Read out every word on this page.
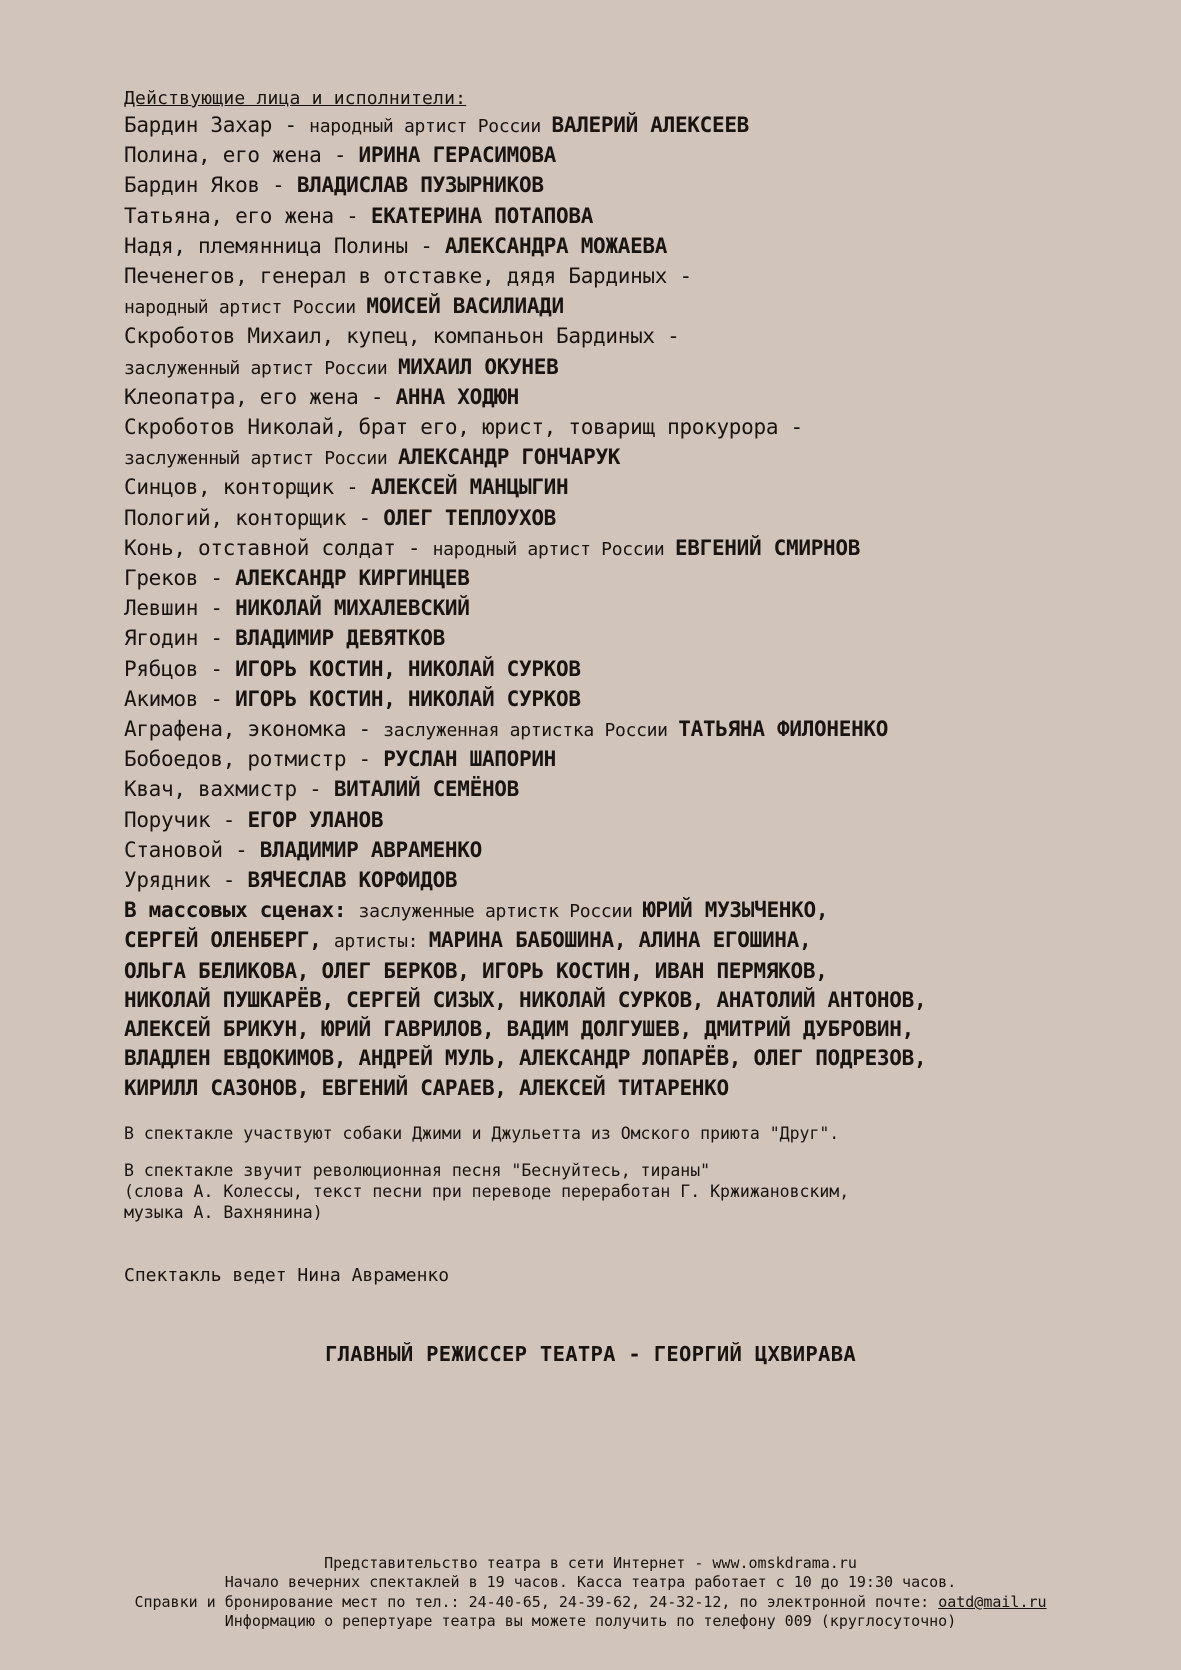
Действующие лица и исполнители:
Бардин Захар - народный артист России ВАЛЕРИЙ АЛЕКСЕЕВ
Полина, его жена - ИРИНА ГЕРАСИМОВА
Бардин Яков - ВЛАДИСЛАВ ПУЗЫРНИКОВ
Татьяна, его жена - ЕКАТЕРИНА ПОТАПОВА
Надя, племянница Полины - АЛЕКСАНДРА МОЖАЕВА
Печенегов, генерал в отставке, дядя Бардиных -
народный артист России МОИСЕЙ ВАСИЛИАДИ
Скроботов Михаил, купец, компаньон Бардиных -
заслуженный артист России МИХАИЛ ОКУНЕВ
Клеопатра, его жена - АННА ХОДЮН
Скроботов Николай, брат его, юрист, товарищ прокурора -
заслуженный артист России АЛЕКСАНДР ГОНЧАРУК
Синцов, конторщик - АЛЕКСЕЙ МАНЦЫГИН
Пологий, конторщик - ОЛЕГ ТЕПЛОУХОВ
Конь, отставной солдат - народный артист России ЕВГЕНИЙ СМИРНОВ
Греков - АЛЕКСАНДР КИРГИНЦЕВ
Левшин - НИКОЛАЙ МИХАЛЕВСКИЙ
Ягодин - ВЛАДИМИР ДЕВЯТКОВ
Рябцов - ИГОРЬ КОСТИН, НИКОЛАЙ СУРКОВ
Акимов - ИГОРЬ КОСТИН, НИКОЛАЙ СУРКОВ
Аграфена, экономка - заслуженная артистка России ТАТЬЯНА ФИЛОНЕНКО
Бобоедов, ротмистр - РУСЛАН ШАПОРИН
Квач, вахмистр - ВИТАЛИЙ СЕМЁНОВ
Поручик - ЕГОР УЛАНОВ
Становой - ВЛАДИМИР АВРАМЕНКО
Урядник - ВЯЧЕСЛАВ КОРФИДОВ
В массовых сценах: заслуженные артистк России ЮРИЙ МУЗЫЧЕНКО,
СЕРГЕЙ ОЛЕНБЕРГ, артисты: МАРИНА БАБОШИНА, АЛИНА ЕГОШИНА,
ОЛЬГА БЕЛИКОВА, ОЛЕГ БЕРКОВ, ИГОРЬ КОСТИН, ИВАН ПЕРМЯКОВ,
НИКОЛАЙ ПУШКАРЁВ, СЕРГЕЙ СИЗЫХ, НИКОЛАЙ СУРКОВ, АНАТОЛИЙ АНТОНОВ,
АЛЕКСЕЙ БРИКУН, ЮРИЙ ГАВРИЛОВ, ВАДИМ ДОЛГУШЕВ, ДМИТРИЙ ДУБРОВИН,
ВЛАДЛЕН ЕВДОКИМОВ, АНДРЕЙ МУЛЬ, АЛЕКСАНДР ЛОПАРЁВ, ОЛЕГ ПОДРЕЗОВ,
КИРИЛЛ САЗОНОВ, ЕВГЕНИЙ САРАЕВ, АЛЕКСЕЙ ТИТАРЕНКО
В спектакле участвуют собаки Джими и Джульетта из Омского приюта "Друг".
В спектакле звучит революционная песня "Беснуйтесь, тираны"
(слова А. Колессы, текст песни при переводе переработан Г. Кржижановским,
музыка А. Вахнянина)
Спектакль ведет Нина Авраменко
ГЛАВНЫЙ РЕЖИССЕР ТЕАТРА - ГЕОРГИЙ ЦХВИРАВА
Представительство театра в сети Интернет - www.omskdrama.ru
Начало вечерних спектаклей в 19 часов. Касса театра работает с 10 до 19:30 часов.
Справки и бронирование мест по тел.: 24-40-65, 24-39-62, 24-32-12, по электронной почте: oatd@mail.ru
Информацию о репертуаре театра вы можете получить по телефону 009 (круглосуточно)
